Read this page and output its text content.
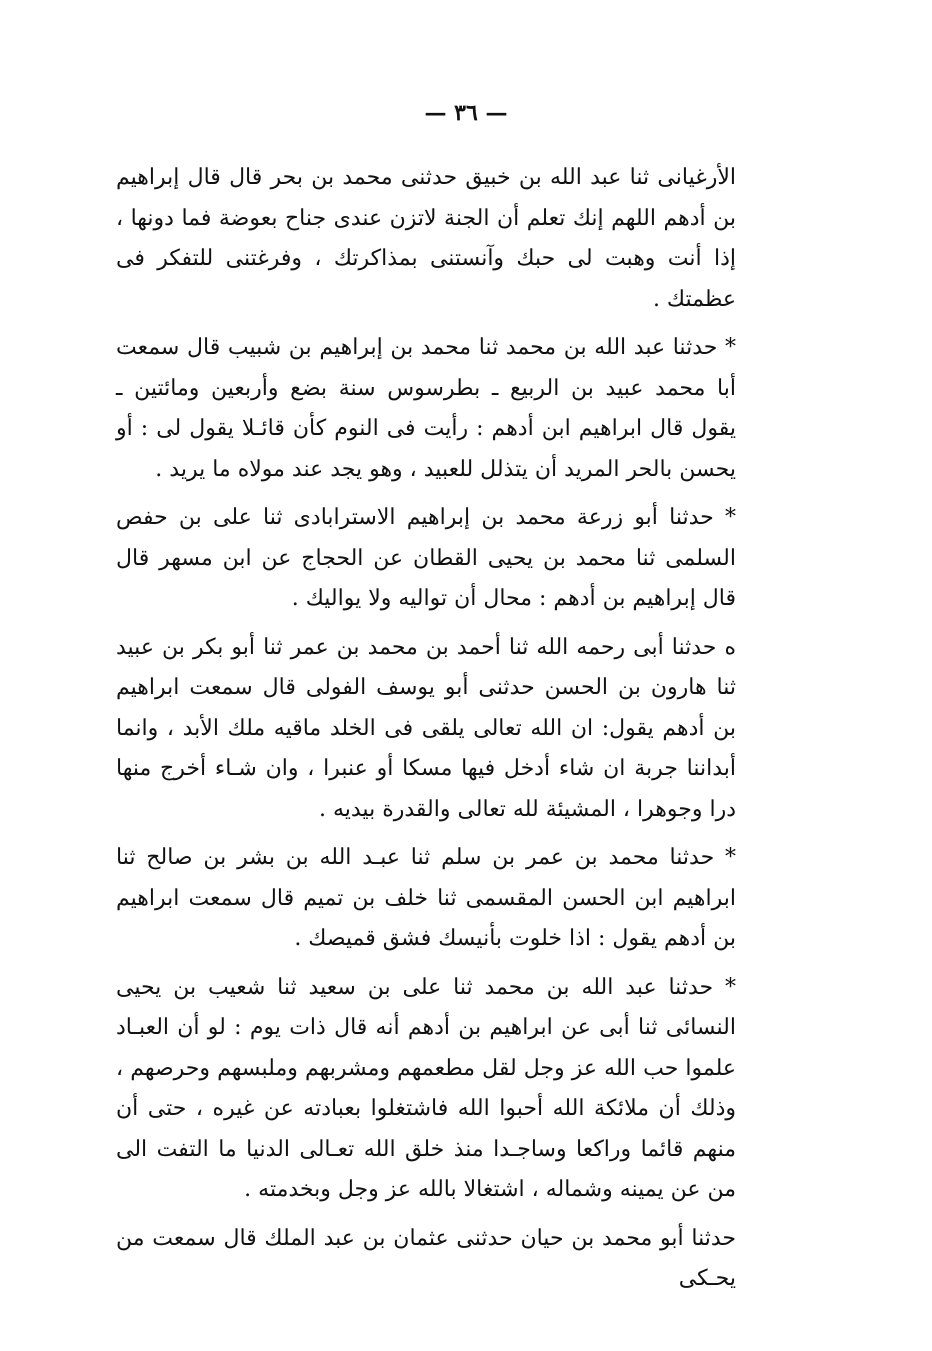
— ٣٦ —

الأرغيانى ثنا عبد الله بن خبيق حدثنى محمد بن بحر قال قال إبراهيم بن أدهم اللهم إنك تعلم أن الجنة لاتزن عندى جناح بعوضة فما دونها ، إذا أنت وهبت لى حبك وآنستنى بمذاكرتك ، وفرغتنى للتفكر فى عظمتك .

* حدثنا عبد الله بن محمد ثنا محمد بن إبراهيم بن شبيب قال سمعت أبا محمد عبيد بن الربيع ـ بطرسوس سنة بضع وأربعين ومائتين ـ يقول قال ابراهيم ابن أدهم : رأيت فى النوم كأن قائـلا يقول لى : أو يحسن بالحر المريد أن يتذلل للعبيد ، وهو يجد عند مولاه ما يريد .

* حدثنا أبو زرعة محمد بن إبراهيم الاسترابادى ثنا على بن حفص السلمى ثنا محمد بن يحيى القطان عن الحجاج عن ابن مسهر قال قال إبراهيم بن أدهم : محال أن تواليه ولا يواليك .

ه حدثنا أبى رحمه الله ثنا أحمد بن محمد بن عمر ثنا أبو بكر بن عبيد ثنا هارون بن الحسن حدثنى أبو يوسف الفولى قال سمعت ابراهيم بن أدهم يقول: ان الله تعالى يلقى فى الخلد ماقيه ملك الأبد ، وانما أبداننا جربة ان شاء أدخل فيها مسكا أو عنبرا ، وان شـاء أخرج منها درا وجوهرا ، المشيئة لله تعالى والقدرة بيديه .

* حدثنا محمد بن عمر بن سلم ثنا عبـد الله بن بشر بن صالح ثنا ابراهيم ابن الحسن المقسمى ثنا خلف بن تميم قال سمعت ابراهيم بن أدهم يقول : اذا خلوت بأنيسك فشق قميصك .

* حدثنا عبد الله بن محمد ثنا على بن سعيد ثنا شعيب بن يحيى النسائى ثنا أبى عن ابراهيم بن أدهم أنه قال ذات يوم : لو أن العبـاد علموا حب الله عز وجل لقل مطعمهم ومشربهم وملبسهم وحرصهم ، وذلك أن ملائكة الله أحبوا الله فاشتغلوا بعبادته عن غيره ، حتى أن منهم قائما وراكعا وساجـدا منذ خلق الله تعـالى الدنيا ما التفت الى من عن يمينه وشماله ، اشتغالا بالله عز وجل وبخدمته .

حدثنا أبو محمد بن حيان حدثنى عثمان بن عبد الملك قال سمعت من يحـكى
